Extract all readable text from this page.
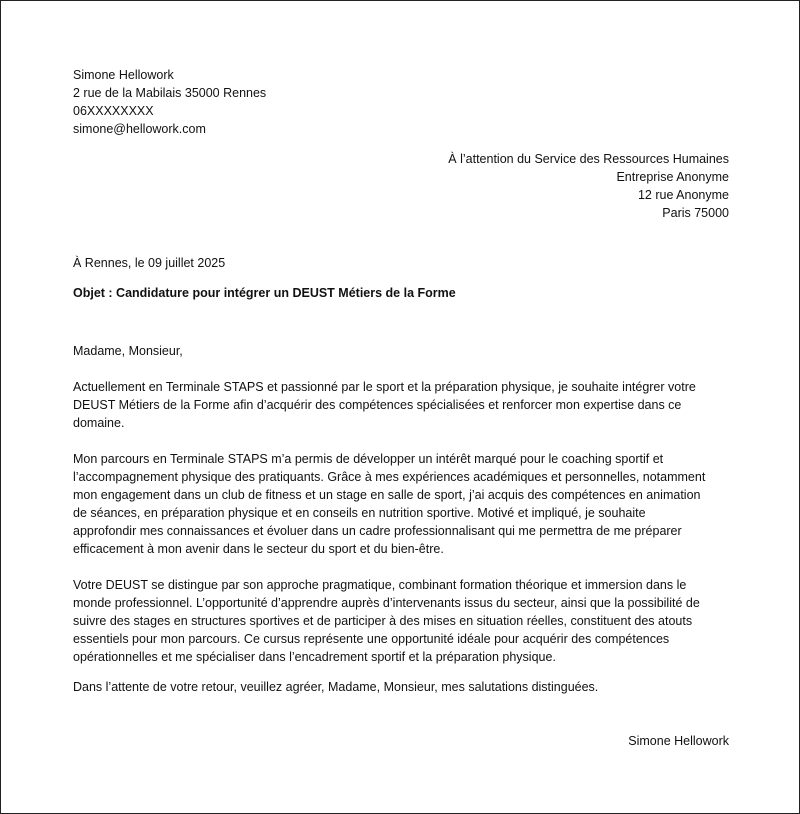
Simone Hellowork
2 rue de la Mabilais 35000 Rennes
06XXXXXXXX
simone@hellowork.com
À l’attention du Service des Ressources Humaines
Entreprise Anonyme
12 rue Anonyme
Paris 75000
À Rennes, le 09 juillet 2025
Objet : Candidature pour intégrer un DEUST Métiers de la Forme
Madame, Monsieur,
Actuellement en Terminale STAPS et passionné par le sport et la préparation physique, je souhaite intégrer votre
DEUST Métiers de la Forme afin d’acquérir des compétences spécialisées et renforcer mon expertise dans ce
domaine.
Mon parcours en Terminale STAPS m’a permis de développer un intérêt marqué pour le coaching sportif et
l’accompagnement physique des pratiquants. Grâce à mes expériences académiques et personnelles, notamment
mon engagement dans un club de fitness et un stage en salle de sport, j’ai acquis des compétences en animation
de séances, en préparation physique et en conseils en nutrition sportive. Motivé et impliqué, je souhaite
approfondir mes connaissances et évoluer dans un cadre professionnalisant qui me permettra de me préparer
efficacement à mon avenir dans le secteur du sport et du bien-être.
Votre DEUST se distingue par son approche pragmatique, combinant formation théorique et immersion dans le
monde professionnel. L’opportunité d’apprendre auprès d’intervenants issus du secteur, ainsi que la possibilité de
suivre des stages en structures sportives et de participer à des mises en situation réelles, constituent des atouts
essentiels pour mon parcours. Ce cursus représente une opportunité idéale pour acquérir des compétences
opérationnelles et me spécialiser dans l’encadrement sportif et la préparation physique.
Dans l’attente de votre retour, veuillez agréer, Madame, Monsieur, mes salutations distinguées.
Simone Hellowork
